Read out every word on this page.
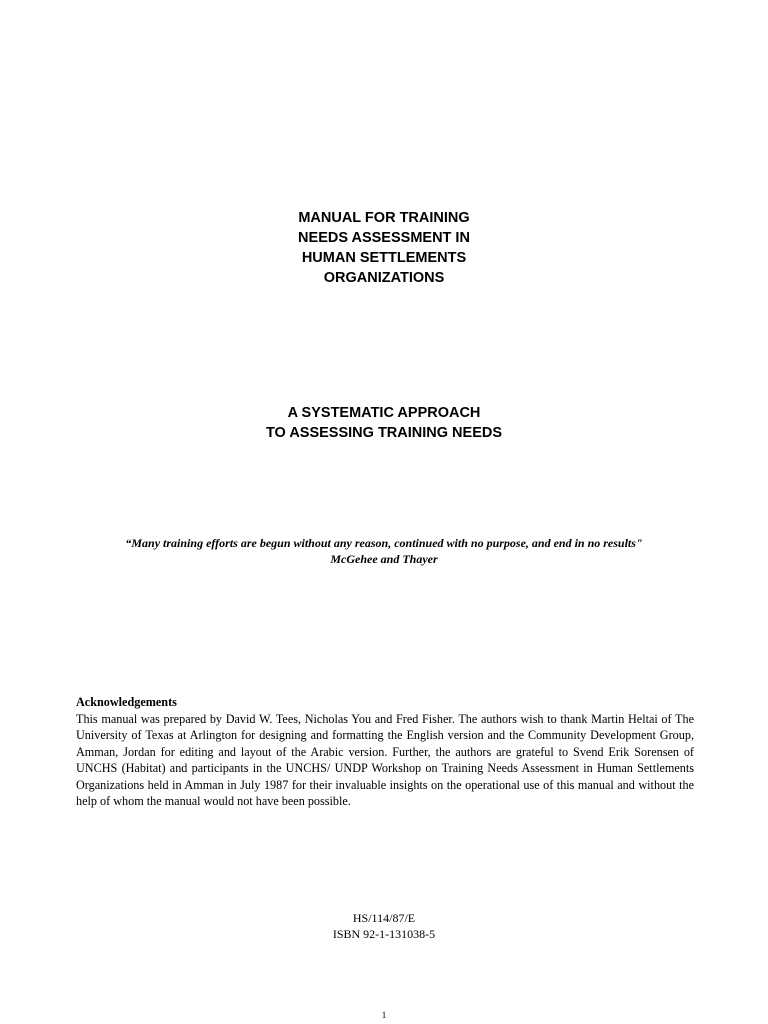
MANUAL FOR TRAINING
NEEDS ASSESSMENT IN
HUMAN SETTLEMENTS
ORGANIZATIONS
A SYSTEMATIC APPROACH
TO ASSESSING TRAINING NEEDS
“Many training efforts are begun without any reason, continued with no purpose, and end in no results"
McGehee and Thayer
Acknowledgements

This manual was prepared by David W. Tees, Nicholas You and Fred Fisher. The authors wish to thank Martin Heltai of The University of Texas at Arlington for designing and formatting the English version and the Community Development Group, Amman, Jordan for editing and layout of the Arabic version. Further, the authors are grateful to Svend Erik Sorensen of UNCHS (Habitat) and participants in the UNCHS/ UNDP Workshop on Training Needs Assessment in Human Settlements Organizations held in Amman in July 1987 for their invaluable insights on the operational use of this manual and without the help of whom the manual would not have been possible.

HS/114/87/E
ISBN 92-1-131038-5
1
